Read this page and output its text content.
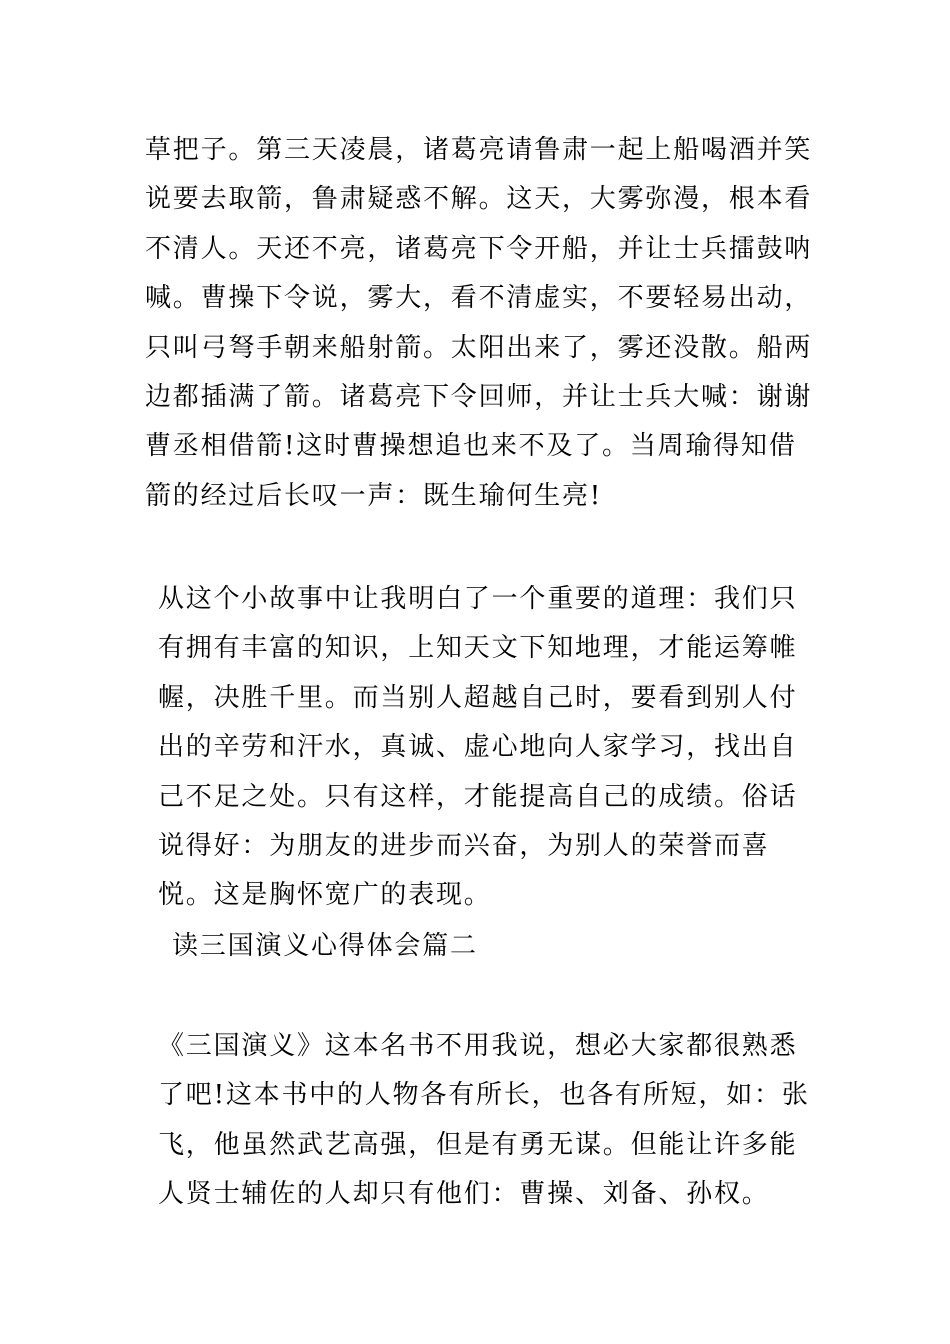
草把子。第三天凌晨，诸葛亮请鲁肃一起上船喝酒并笑说要去取箭，鲁肃疑惑不解。这天，大雾弥漫，根本看不清人。天还不亮，诸葛亮下令开船，并让士兵擂鼓呐喊。曹操下令说，雾大，看不清虚实，不要轻易出动，只叫弓弩手朝来船射箭。太阳出来了，雾还没散。船两边都插满了箭。诸葛亮下令回师，并让士兵大喊：谢谢曹丞相借箭!这时曹操想追也来不及了。当周瑜得知借箭的经过后长叹一声：既生瑜何生亮!

从这个小故事中让我明白了一个重要的道理：我们只有拥有丰富的知识，上知天文下知地理，才能运筹帷幄，决胜千里。而当别人超越自己时，要看到别人付出的辛劳和汗水，真诚、虚心地向人家学习，找出自己不足之处。只有这样，才能提高自己的成绩。俗话说得好：为朋友的进步而兴奋，为别人的荣誉而喜悦。这是胸怀宽广的表现。

读三国演义心得体会篇二

《三国演义》这本名书不用我说，想必大家都很熟悉了吧!这本书中的人物各有所长，也各有所短，如：张飞，他虽然武艺高强，但是有勇无谋。但能让许多能人贤士辅佐的人却只有他们：曹操、刘备、孙权。
